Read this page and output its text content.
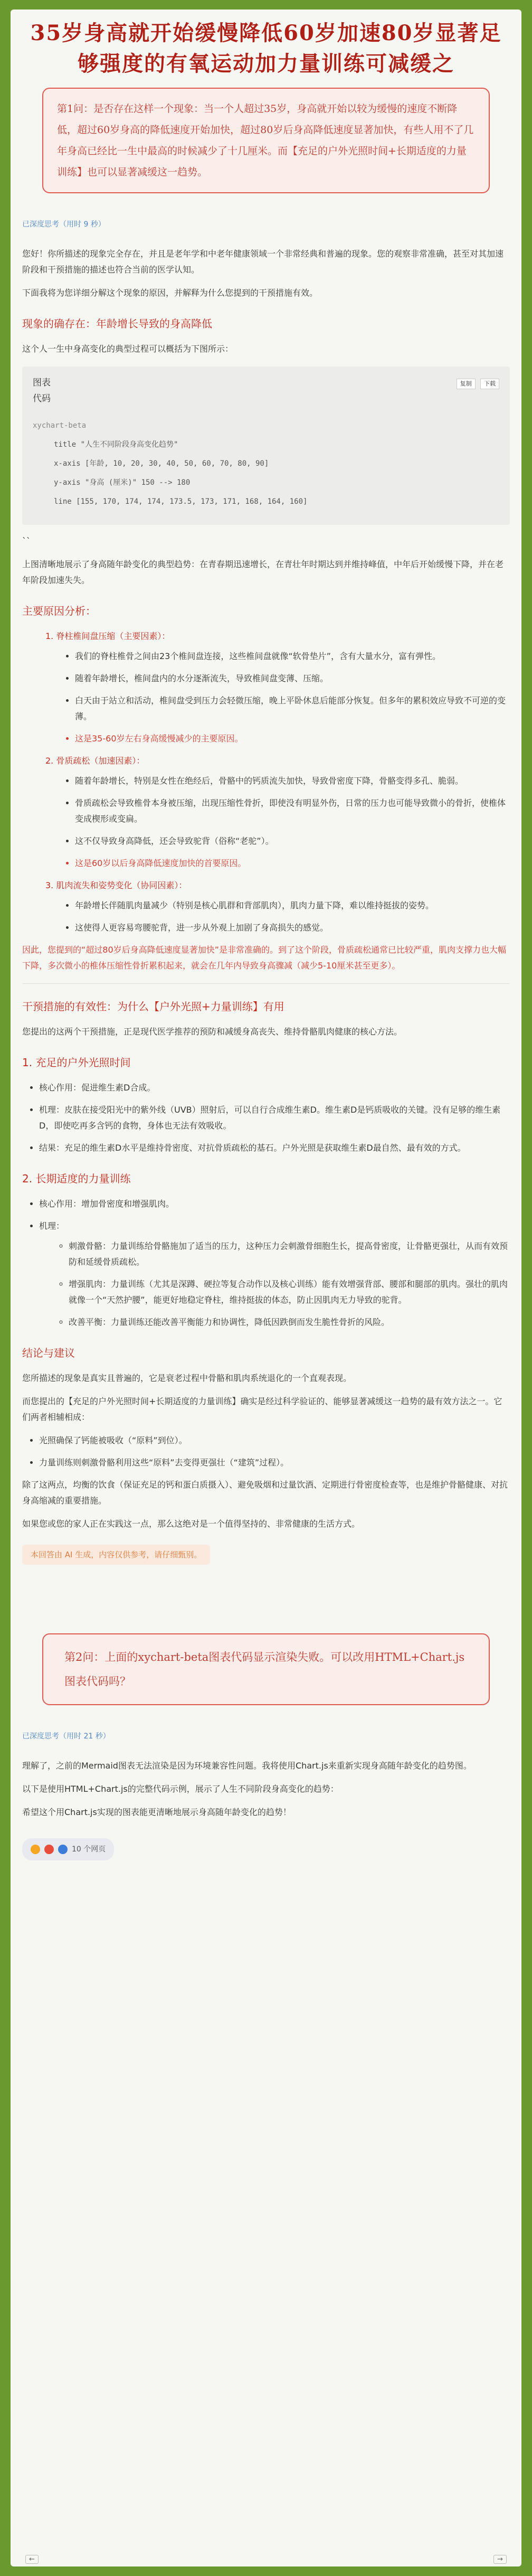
35岁身高就开始缓慢降低60岁加速80岁显著足够强度的有氧运动加力量训练可减缓之
第1问：是否存在这样一个现象：当一个人超过35岁，身高就开始以较为缓慢的速度不断降低，超过60岁身高的降低速度开始加快，超过80岁后身高降低速度显著加快，有些人用不了几年身高已经比一生中最高的时候减少了十几厘米。而【充足的户外光照时间+长期适度的力量训练】也可以显著减缓这一趋势。
已深度思考（用时 9 秒）

您好！你所描述的现象完全存在，并且是老年学和中老年健康领域一个非常经典和普遍的现象。您的观察非常准确，甚至对其加速阶段和干预措施的描述也符合当前的医学认知。

下面我将为您详细分解这个现象的原因，并解释为什么您提到的干预措施有效。

现象的确存在：年龄增长导致的身高降低

这个人一生中身高变化的典型过程可以概括为下图所示：

图表
代码
复制 下载
xychart-beta
title "人生不同阶段身高变化趋势"
x-axis [年龄, 10, 20, 30, 40, 50, 60, 70, 80, 90]
y-axis "身高 (厘米)" 150 --> 180
line [155, 170, 174, 174, 173.5, 173, 171, 168, 164, 160]

``

上图清晰地展示了身高随年龄变化的典型趋势：在青春期迅速增长，在青壮年时期达到并维持峰值，中年后开始缓慢下降，并在老年阶段加速失失。

主要原因分析：
1. 脊柱椎间盘压缩（主要因素）：
• 我们的脊柱椎骨之间由23个椎间盘连接，这些椎间盘就像“软骨垫片”，含有大量水分，富有弹性。
• 随着年龄增长，椎间盘内的水分逐渐流失，导致椎间盘变薄、压缩。
• 白天由于站立和活动，椎间盘受到压力会轻微压缩，晚上平卧休息后能部分恢复。但多年的累积效应导致不可逆的变薄。
• 这是35-60岁左右身高缓慢减少的主要原因。
2. 骨质疏松（加速因素）：
• 随着年龄增长，特别是女性在绝经后，骨骼中的钙质流失加快，导致骨密度下降，骨骼变得多孔、脆弱。
• 骨质疏松会导致椎骨本身被压缩，出现压缩性骨折，即使没有明显外伤，日常的压力也可能导致微小的骨折，使椎体变成楔形或变扁。
• 这不仅导致身高降低，还会导致驼背（俗称“老驼”）。
• 这是60岁以后身高降低速度加快的首要原因。
3. 肌肉流失和姿势变化（协同因素）：
• 年龄增长伴随肌肉量减少（特别是核心肌群和背部肌肉），肌肉力量下降，难以维持挺拔的姿势。
• 这使得人更容易弯腰驼背，进一步从外观上加剧了身高损失的感觉。

因此，您提到的“超过80岁后身高降低速度显著加快”是非常准确的。到了这个阶段，骨质疏松通常已比较严重，肌肉支撑力也大幅下降，多次微小的椎体压缩性骨折累积起来，就会在几年内导致身高骤减（减少5-10厘米甚至更多）。

干预措施的有效性：为什么【户外光照+力量训练】有用

您提出的这两个干预措施，正是现代医学推荐的预防和减缓身高丧失、维持骨骼肌肉健康的核心方法。

1. 充足的户外光照时间
• 核心作用：促进维生素D合成。
• 机理：皮肤在接受阳光中的紫外线（UVB）照射后，可以自行合成维生素D。维生素D是钙质吸收的关键。没有足够的维生素D，即使吃再多含钙的食物，身体也无法有效吸收。
• 结果：充足的维生素D水平是维持骨密度、对抗骨质疏松的基石。户外光照是获取维生素D最自然、最有效的方式。
2. 长期适度的力量训练
• 核心作用：增加骨密度和增强肌肉。
• 机理：
◦ 刺激骨骼：力量训练给骨骼施加了适当的压力，这种压力会刺激骨细胞生长，提高骨密度，让骨骼更强壮，从而有效预防和延缓骨质疏松。
◦ 增强肌肉：力量训练（尤其是深蹲、硬拉等复合动作以及核心训练）能有效增强背部、腰部和腿部的肌肉。强壮的肌肉就像一个“天然护腰”，能更好地稳定脊柱，维持挺拔的体态，防止因肌肉无力导致的驼背。
◦ 改善平衡：力量训练还能改善平衡能力和协调性，降低因跌倒而发生脆性骨折的风险。
结论与建议

您所描述的现象是真实且普遍的，它是衰老过程中骨骼和肌肉系统退化的一个直观表现。

而您提出的【充足的户外光照时间+长期适度的力量训练】确实是经过科学验证的、能够显著减缓这一趋势的最有效方法之一。它们两者相辅相成：

• 光照确保了钙能被吸收（“原料”到位）。
• 力量训练则刺激骨骼利用这些“原料”去变得更强壮（“建筑”过程）。

除了这两点，均衡的饮食（保证充足的钙和蛋白质摄入）、避免吸烟和过量饮酒、定期进行骨密度检查等，也是维护骨骼健康、对抗身高缩减的重要措施。

如果您或您的家人正在实践这一点，那么这绝对是一个值得坚持的、非常健康的生活方式。

本回答由 AI 生成，内容仅供参考，请仔细甄别。
第2问：上面的xychart-beta图表代码显示渲染失败。可以改用HTML+Chart.js图表代码吗？
已深度思考（用时 21 秒）

理解了，之前的Mermaid图表无法渲染是因为环境兼容性问题。我将使用Chart.js来重新实现身高随年龄变化的趋势图。

以下是使用HTML+Chart.js的完整代码示例，展示了人生不同阶段身高变化的趋势：

希望这个用Chart.js实现的图表能更清晰地展示身高随年龄变化的趋势！

10 个网页
←	→
